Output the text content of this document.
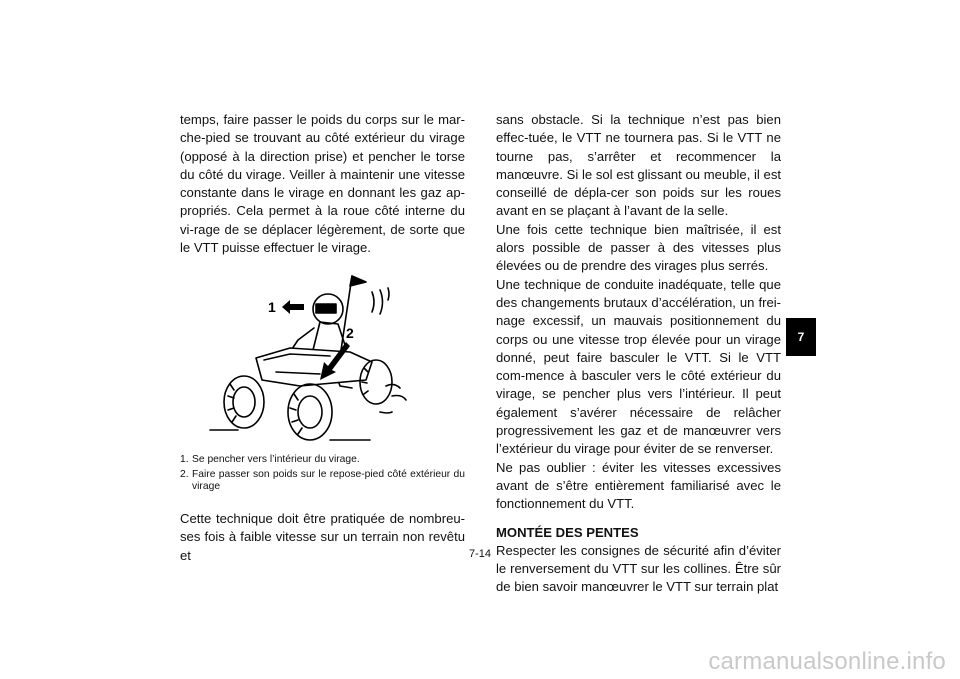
temps, faire passer le poids du corps sur le mar-che-pied se trouvant au côté extérieur du virage (opposé à la direction prise) et pencher le torse du côté du virage. Veiller à maintenir une vitesse constante dans le virage en donnant les gaz ap-propriés. Cela permet à la roue côté interne du vi-rage de se déplacer légèrement, de sorte que le VTT puisse effectuer le virage.

1
2
1. Se pencher vers l’intérieur du virage.
2. Faire passer son poids sur le repose-pied côté extérieur du virage

Cette technique doit être pratiquée de nombreu-ses fois à faible vitesse sur un terrain non revêtu et

sans obstacle. Si la technique n’est pas bien effec-tuée, le VTT ne tournera pas. Si le VTT ne tourne pas, s’arrêter et recommencer la manœuvre. Si le sol est glissant ou meuble, il est conseillé de dépla-cer son poids sur les roues avant en se plaçant à l’avant de la selle.

Une fois cette technique bien maîtrisée, il est alors possible de passer à des vitesses plus élevées ou de prendre des virages plus serrés.

Une technique de conduite inadéquate, telle que des changements brutaux d’accélération, un frei-nage excessif, un mauvais positionnement du corps ou une vitesse trop élevée pour un virage donné, peut faire basculer le VTT. Si le VTT com-mence à basculer vers le côté extérieur du virage, se pencher plus vers l’intérieur. Il peut également s’avérer nécessaire de relâcher progressivement les gaz et de manœuvrer vers l’extérieur du virage pour éviter de se renverser.

Ne pas oublier : éviter les vitesses excessives avant de s’être entièrement familiarisé avec le fonctionnement du VTT.

MONTÉE DES PENTES

Respecter les consignes de sécurité afin d’éviter le renversement du VTT sur les collines. Être sûr de bien savoir manœuvrer le VTT sur terrain plat

7
7-14
carmanualsonline.info
